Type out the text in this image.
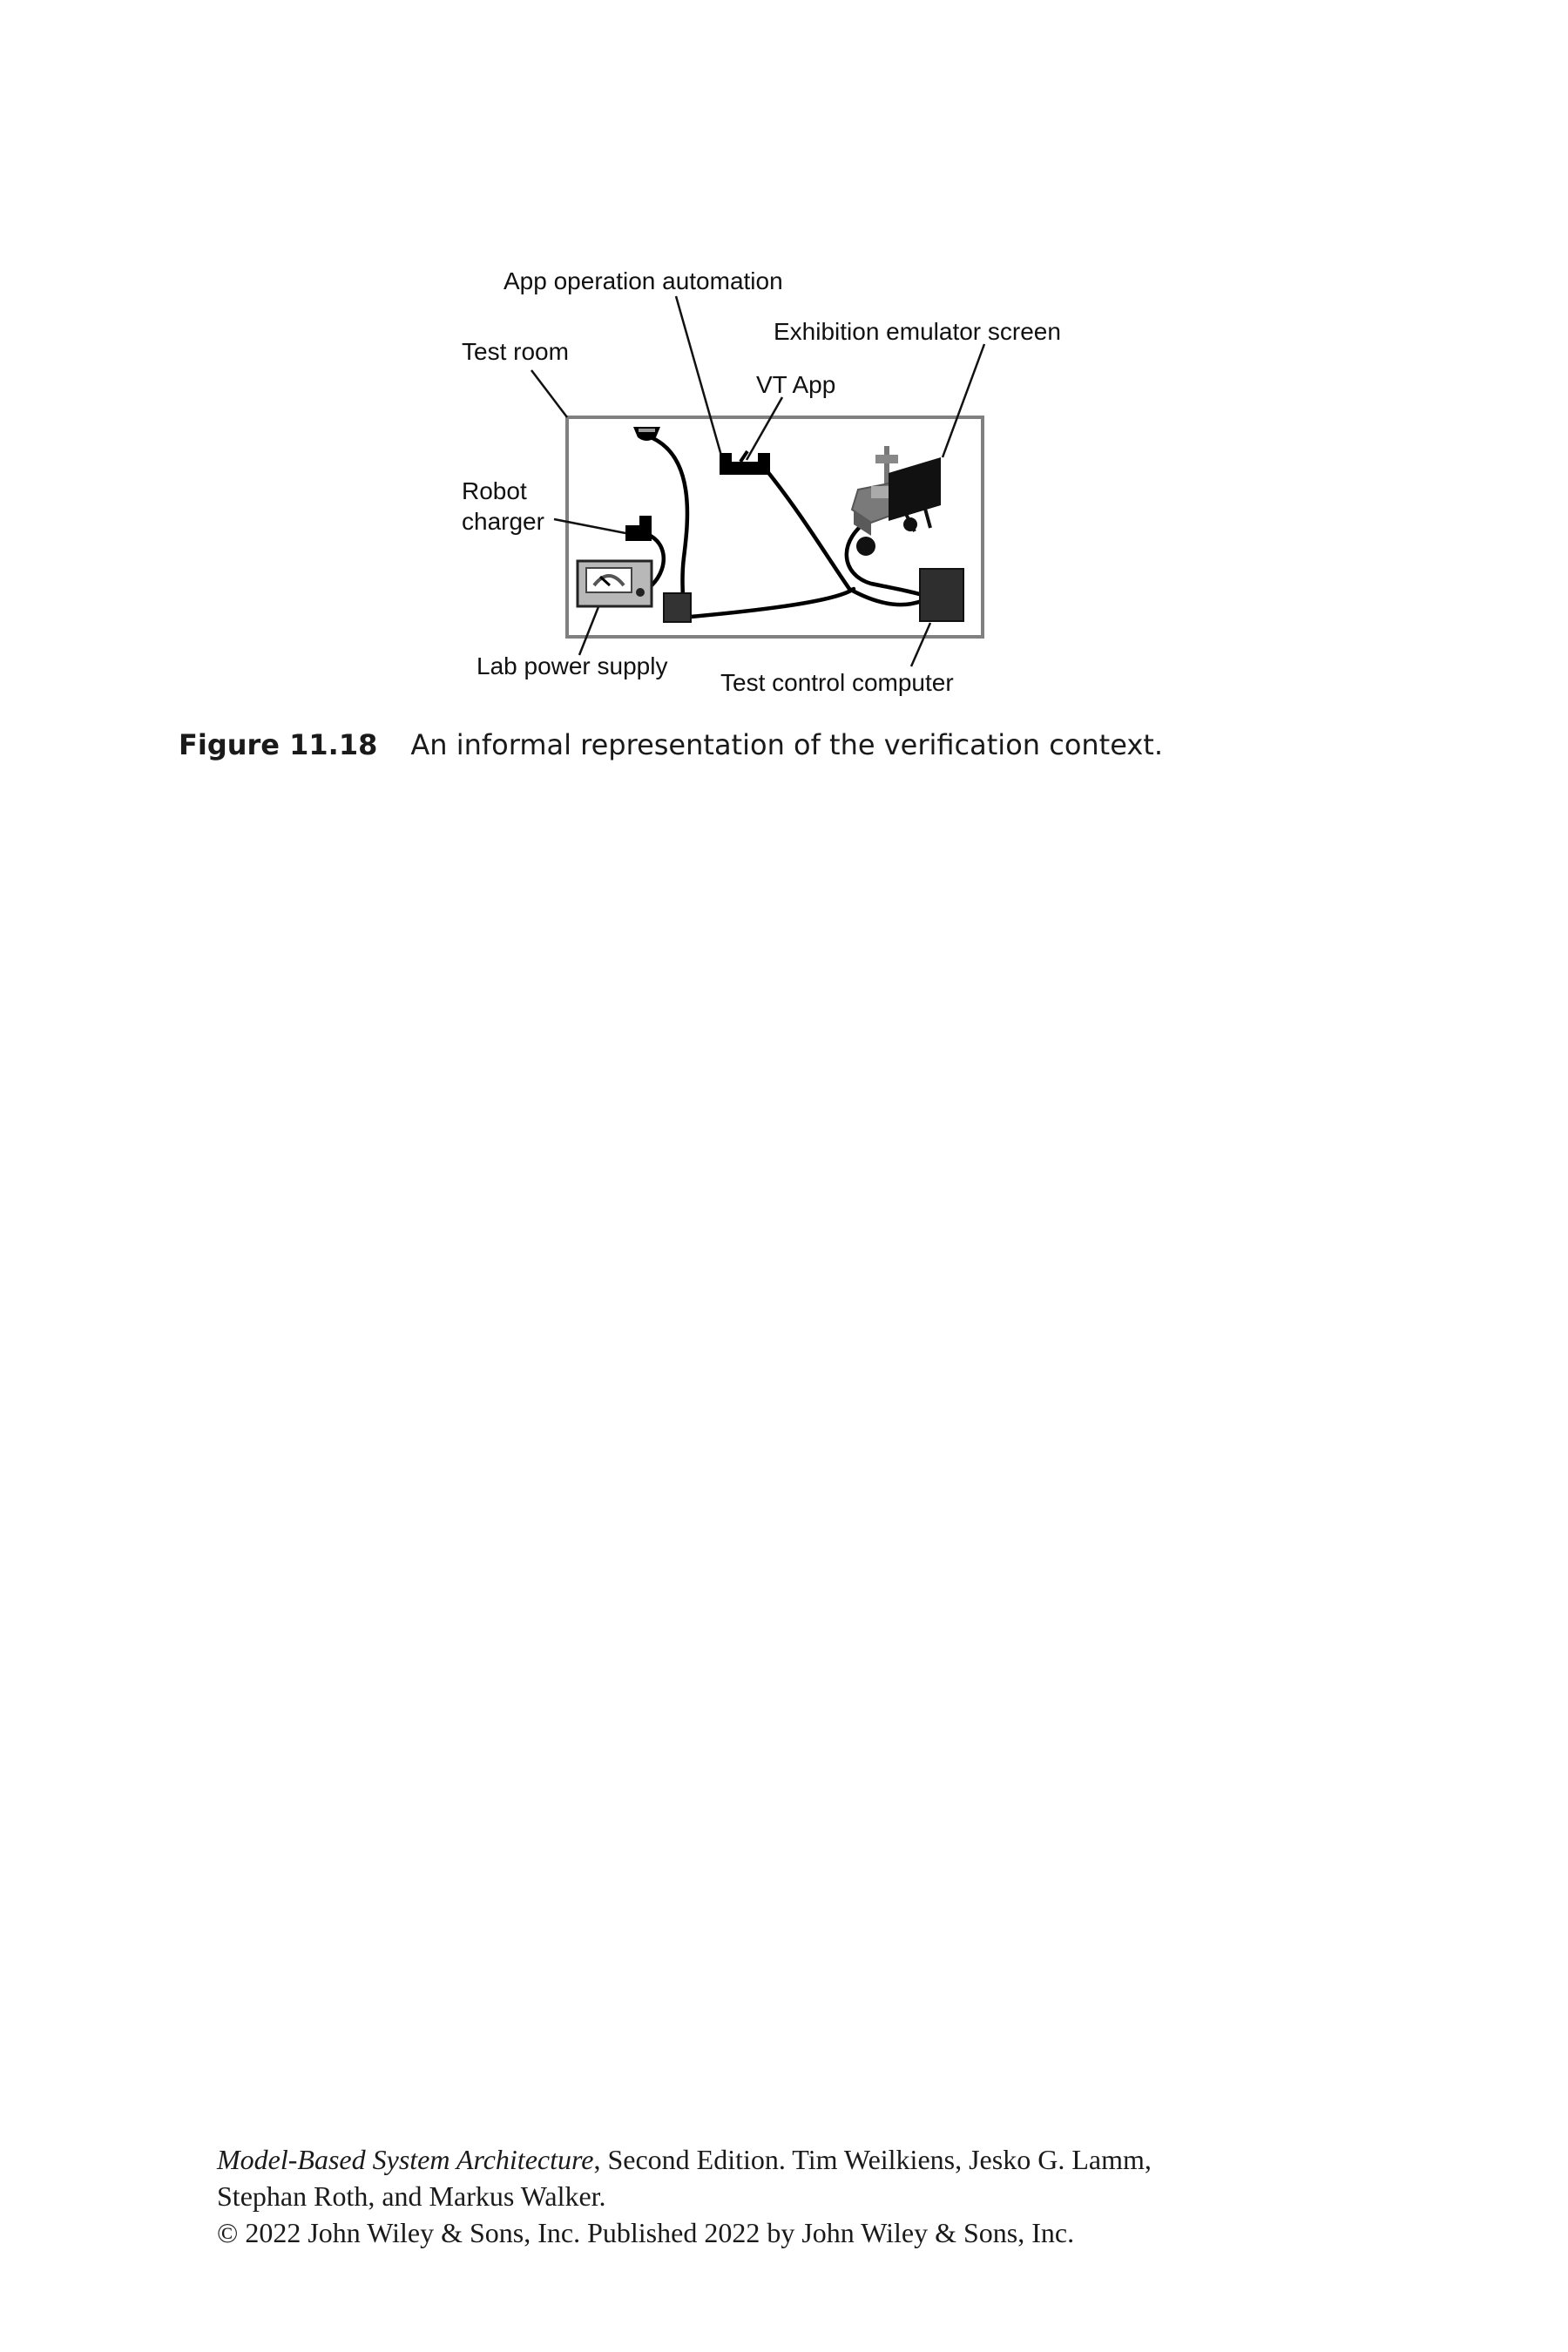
App operation automation
Exhibition emulator screen
Test room
VT App
Robot
charger
Lab power supply
Test control computer
Figure 11.18 An informal representation of the verification context.
Model-Based System Architecture, Second Edition. Tim Weilkiens, Jesko G. Lamm,
Stephan Roth, and Markus Walker.
© 2022 John Wiley & Sons, Inc. Published 2022 by John Wiley & Sons, Inc.
